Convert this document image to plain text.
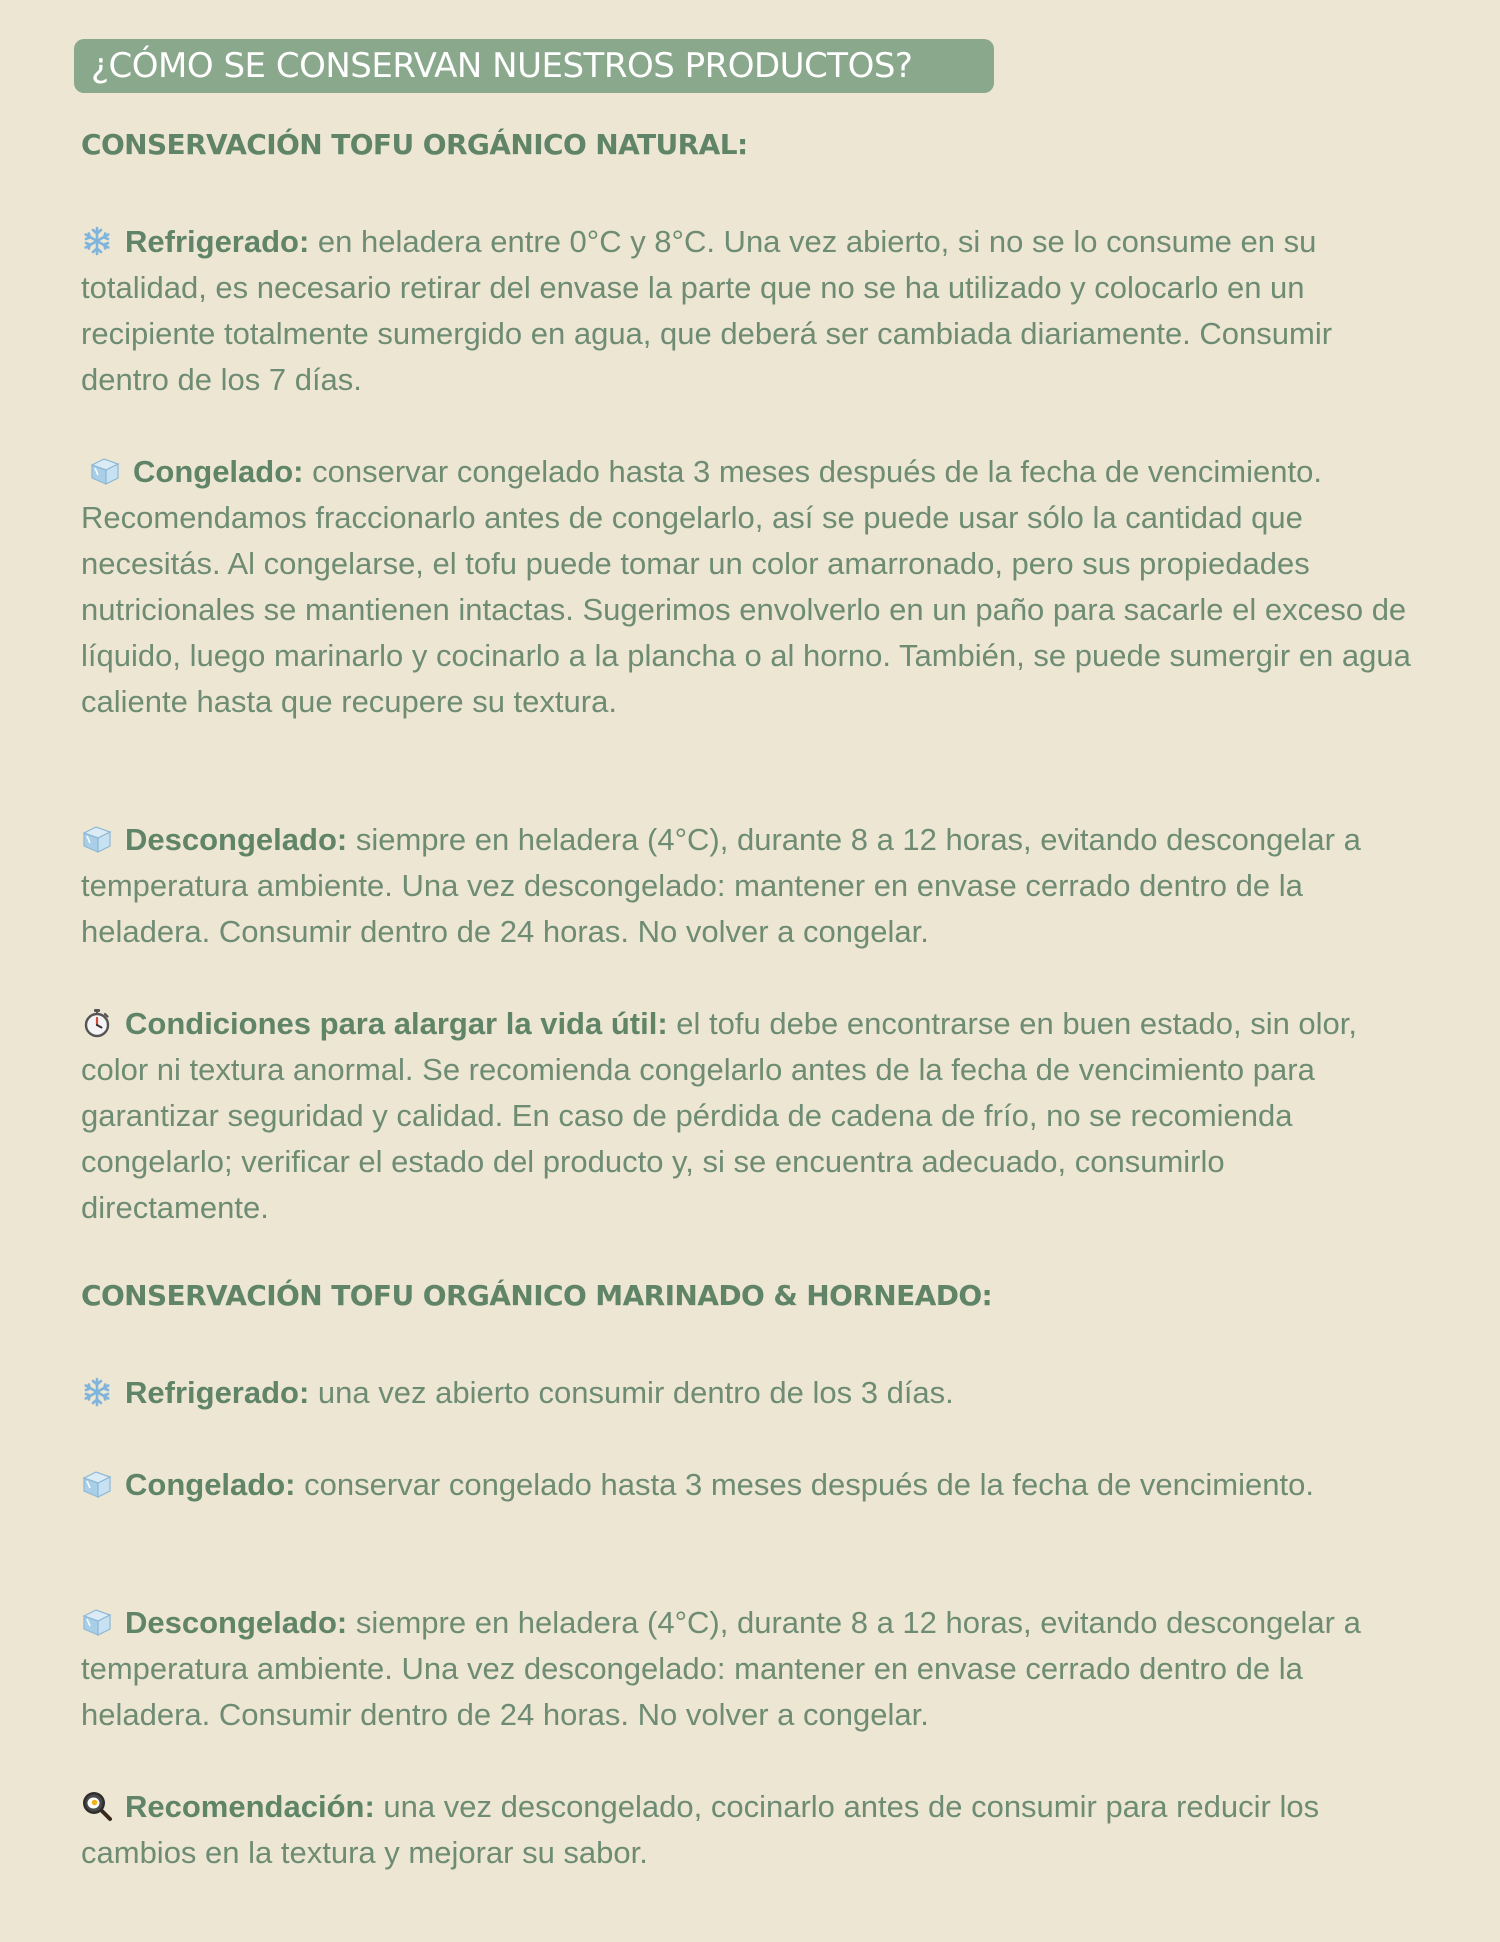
¿CÓMO SE CONSERVAN NUESTROS PRODUCTOS?
CONSERVACIÓN TOFU ORGÁNICO NATURAL:

Refrigerado: en heladera entre 0°C y 8°C. Una vez abierto, si no se lo consume en su totalidad, es necesario retirar del envase la parte que no se ha utilizado y colocarlo en un recipiente totalmente sumergido en agua, que deberá ser cambiada diariamente. Consumir dentro de los 7 días.

Congelado: conservar congelado hasta 3 meses después de la fecha de vencimiento. Recomendamos fraccionarlo antes de congelarlo, así se puede usar sólo la cantidad que necesitás. Al congelarse, el tofu puede tomar un color amarronado, pero sus propiedades nutricionales se mantienen intactas. Sugerimos envolverlo en un paño para sacarle el exceso de líquido, luego marinarlo y cocinarlo a la plancha o al horno. También, se puede sumergir en agua caliente hasta que recupere su textura.

Descongelado: siempre en heladera (4°C), durante 8 a 12 horas, evitando descongelar a temperatura ambiente. Una vez descongelado: mantener en envase cerrado dentro de la heladera. Consumir dentro de 24 horas. No volver a congelar.

Condiciones para alargar la vida útil: el tofu debe encontrarse en buen estado, sin olor, color ni textura anormal. Se recomienda congelarlo antes de la fecha de vencimiento para garantizar seguridad y calidad. En caso de pérdida de cadena de frío, no se recomienda congelarlo; verificar el estado del producto y, si se encuentra adecuado, consumirlo directamente.

CONSERVACIÓN TOFU ORGÁNICO MARINADO & HORNEADO:

Refrigerado: una vez abierto consumir dentro de los 3 días.

Congelado: conservar congelado hasta 3 meses después de la fecha de vencimiento.

Descongelado: siempre en heladera (4°C), durante 8 a 12 horas, evitando descongelar a temperatura ambiente. Una vez descongelado: mantener en envase cerrado dentro de la heladera. Consumir dentro de 24 horas. No volver a congelar.

Recomendación: una vez descongelado, cocinarlo antes de consumir para reducir los cambios en la textura y mejorar su sabor.
